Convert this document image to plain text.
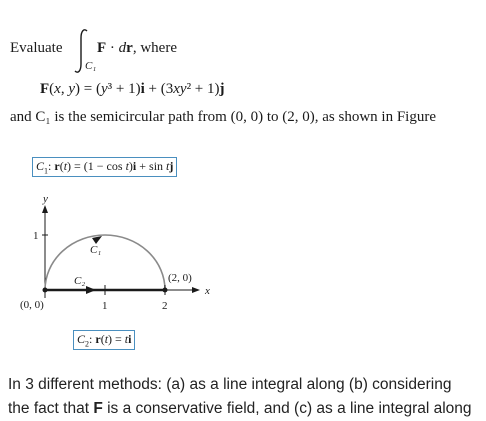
Evaluate
C₁
F · dr, where
F(x, y) = (y³ + 1)i + (3xy² + 1)j
and C₁ is the semicircular path from (0, 0) to (2, 0), as shown in Figure
y
x
1
1	2
C₁
C₂
(0, 0)
(2, 0)
$C_1$: r(t) = (1 − cos t)i + sin tj
$C_2$: r(t) = ti
In 3 different methods: (a) as a line integral along (b) considering
the fact that F is a conservative field, and (c) as a line integral along
